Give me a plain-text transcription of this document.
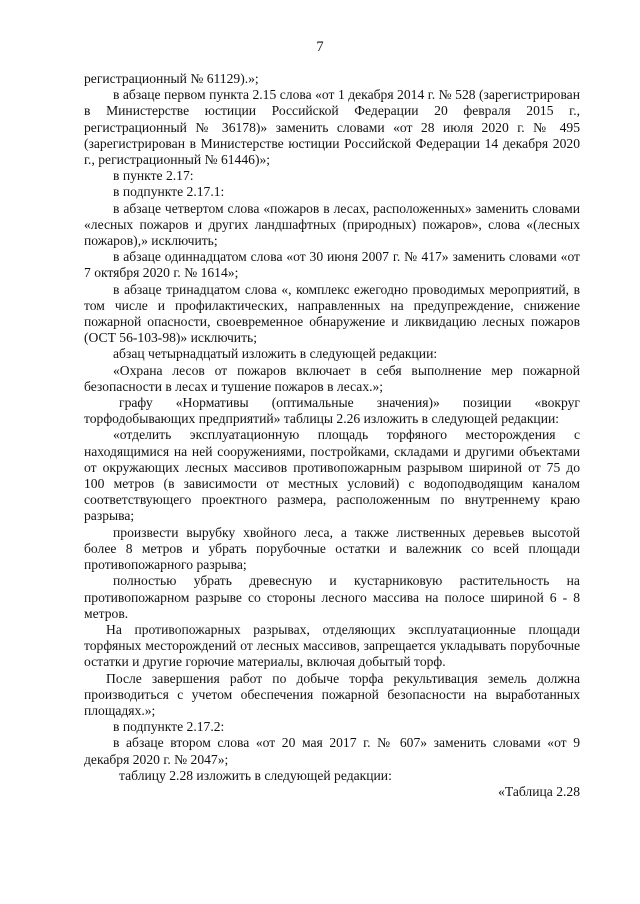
7

регистрационный № 61129).»;

в абзаце первом пункта 2.15 слова «от 1 декабря 2014 г. № 528 (зарегистрирован в Министерстве юстиции Российской Федерации 20 февраля 2015 г., регистрационный № 36178)» заменить словами «от 28 июля 2020 г. № 495 (зарегистрирован в Министерстве юстиции Российской Федерации 14 декабря 2020 г., регистрационный № 61446)»;

в пункте 2.17:

в подпункте 2.17.1:

в абзаце четвертом слова «пожаров в лесах, расположенных» заменить словами «лесных пожаров и других ландшафтных (природных) пожаров», слова «(лесных пожаров),» исключить;

в абзаце одиннадцатом слова «от 30 июня 2007 г. № 417» заменить словами «от 7 октября 2020 г. № 1614»;

в абзаце тринадцатом слова «, комплекс ежегодно проводимых мероприятий, в том числе и профилактических, направленных на предупреждение, снижение пожарной опасности, своевременное обнаружение и ликвидацию лесных пожаров (ОСТ 56-103-98)» исключить;

абзац четырнадцатый изложить в следующей редакции:

«Охрана лесов от пожаров включает в себя выполнение мер пожарной безопасности в лесах и тушение пожаров в лесах.»;

графу «Нормативы (оптимальные значения)» позиции «вокруг

торфодобывающих предприятий» таблицы 2.26 изложить в следующей редакции:

«отделить эксплуатационную площадь торфяного месторождения с находящимися на ней сооружениями, постройками, складами и другими объектами от окружающих лесных массивов противопожарным разрывом шириной от 75 до 100 метров (в зависимости от местных условий) с водоподводящим каналом соответствующего проектного размера, расположенным по внутреннему краю разрыва;

произвести вырубку хвойного леса, а также лиственных деревьев высотой более 8 метров и убрать порубочные остатки и валежник со всей площади противопожарного разрыва;

полностью убрать древесную и кустарниковую растительность на

противопожарном разрыве со стороны лесного массива на полосе шириной 6 - 8 метров.

На противопожарных разрывах, отделяющих эксплуатационные площади торфяных месторождений от лесных массивов, запрещается укладывать порубочные остатки и другие горючие материалы, включая добытый торф.

После завершения работ по добыче торфа рекультивация земель должна производиться с учетом обеспечения пожарной безопасности на выработанных площадях.»;

в подпункте 2.17.2:

в абзаце втором слова «от 20 мая 2017 г. № 607» заменить словами «от 9 декабря 2020 г. № 2047»;

таблицу 2.28 изложить в следующей редакции:

«Таблица 2.28
